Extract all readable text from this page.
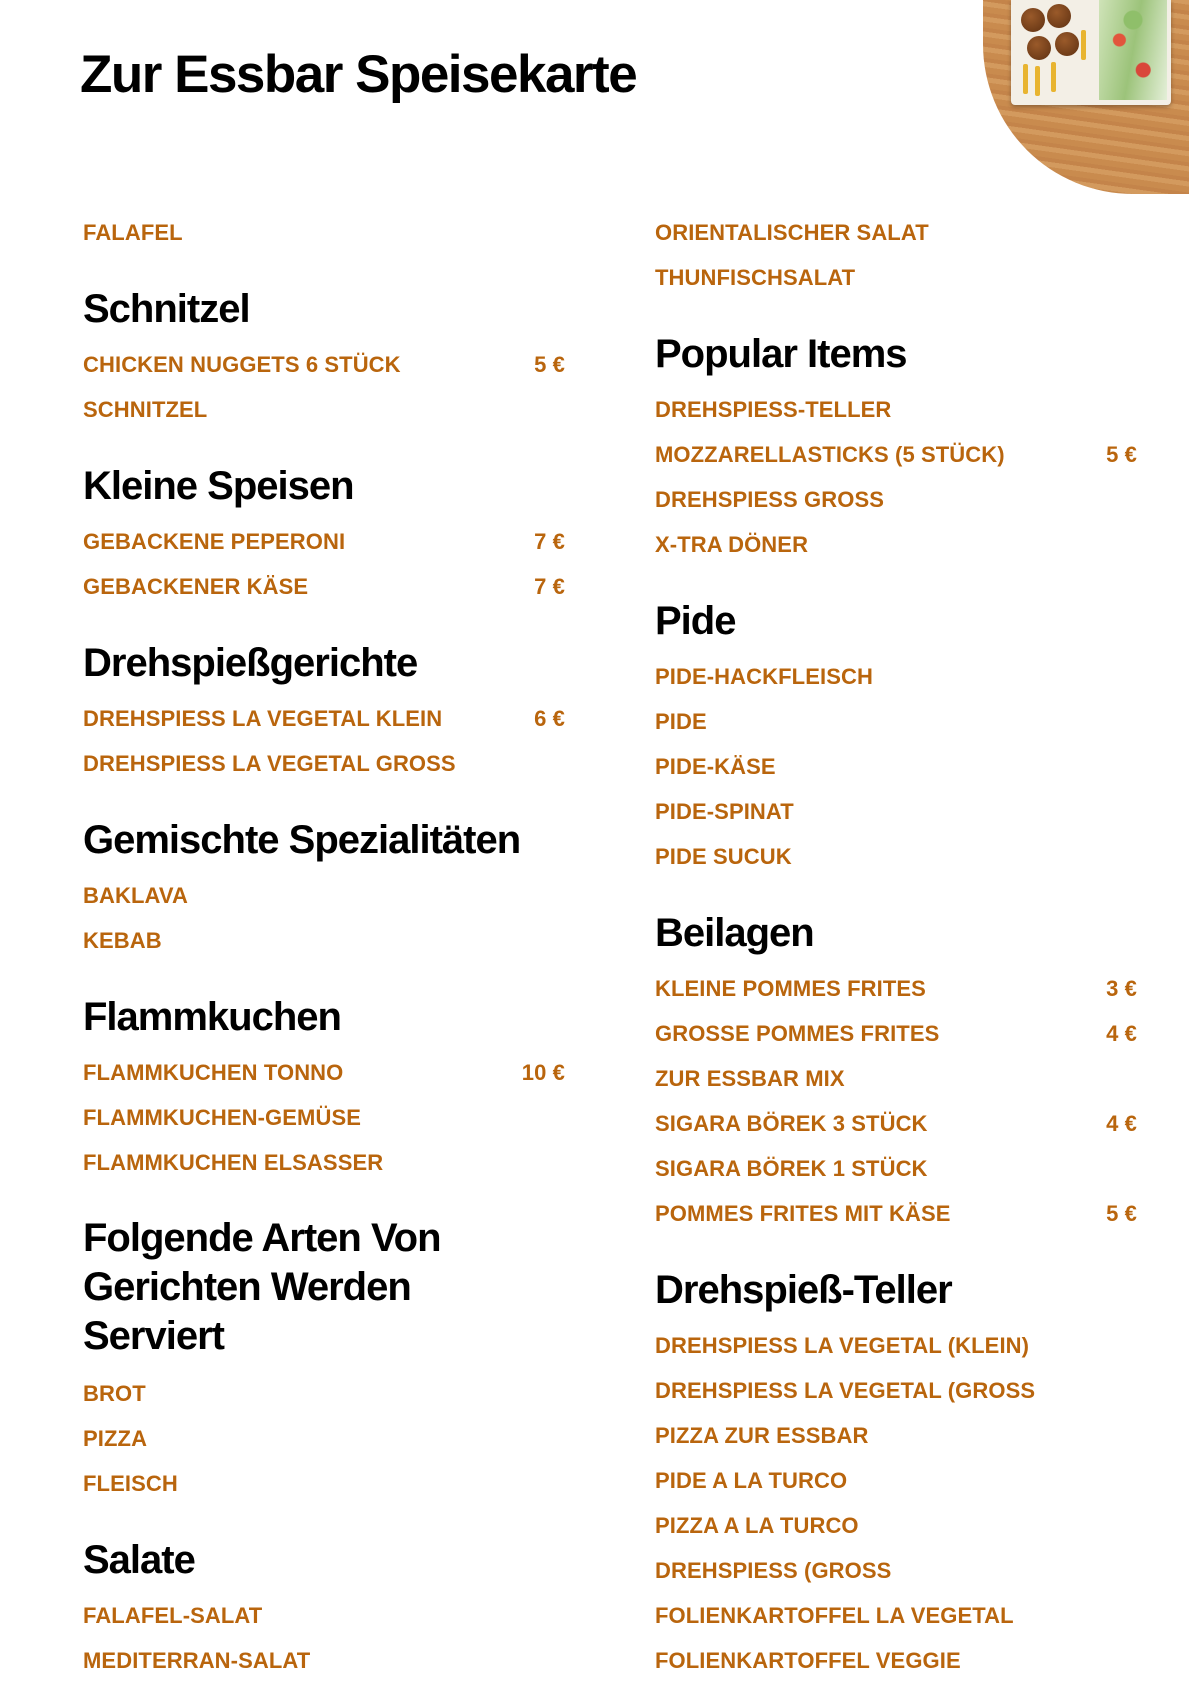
Zur Essbar Speisekarte
FALAFEL
Schnitzel
CHICKEN NUGGETS 6 STÜCK	5 €
SCHNITZEL
Kleine Speisen
GEBACKENE PEPERONI	7 €
GEBACKENER KÄSE	7 €
Drehspießgerichte
DREHSPIESS LA VEGETAL KLEIN	6 €
DREHSPIESS LA VEGETAL GROSS
Gemischte Spezialitäten
BAKLAVA
KEBAB
Flammkuchen
FLAMMKUCHEN TONNO	10 €
FLAMMKUCHEN-GEMÜSE
FLAMMKUCHEN ELSASSER
Folgende Arten Von Gerichten Werden Serviert
BROT
PIZZA
FLEISCH
Salate
FALAFEL-SALAT
MEDITERRAN-SALAT
ORIENTALISCHER SALAT
THUNFISCHSALAT
Popular Items
DREHSPIESS-TELLER
MOZZARELLASTICKS (5 STÜCK)	5 €
DREHSPIESS GROSS
X-TRA DÖNER
Pide
PIDE-HACKFLEISCH
PIDE
PIDE-KÄSE
PIDE-SPINAT
PIDE SUCUK
Beilagen
KLEINE POMMES FRITES	3 €
GROSSE POMMES FRITES	4 €
ZUR ESSBAR MIX
SIGARA BÖREK 3 STÜCK	4 €
SIGARA BÖREK 1 STÜCK
POMMES FRITES MIT KÄSE	5 €
Drehspieß-Teller
DREHSPIESS LA VEGETAL (KLEIN)
DREHSPIESS LA VEGETAL (GROSS
PIZZA ZUR ESSBAR
PIDE A LA TURCO
PIZZA A LA TURCO
DREHSPIESS (GROSS
FOLIENKARTOFFEL LA VEGETAL
FOLIENKARTOFFEL VEGGIE
